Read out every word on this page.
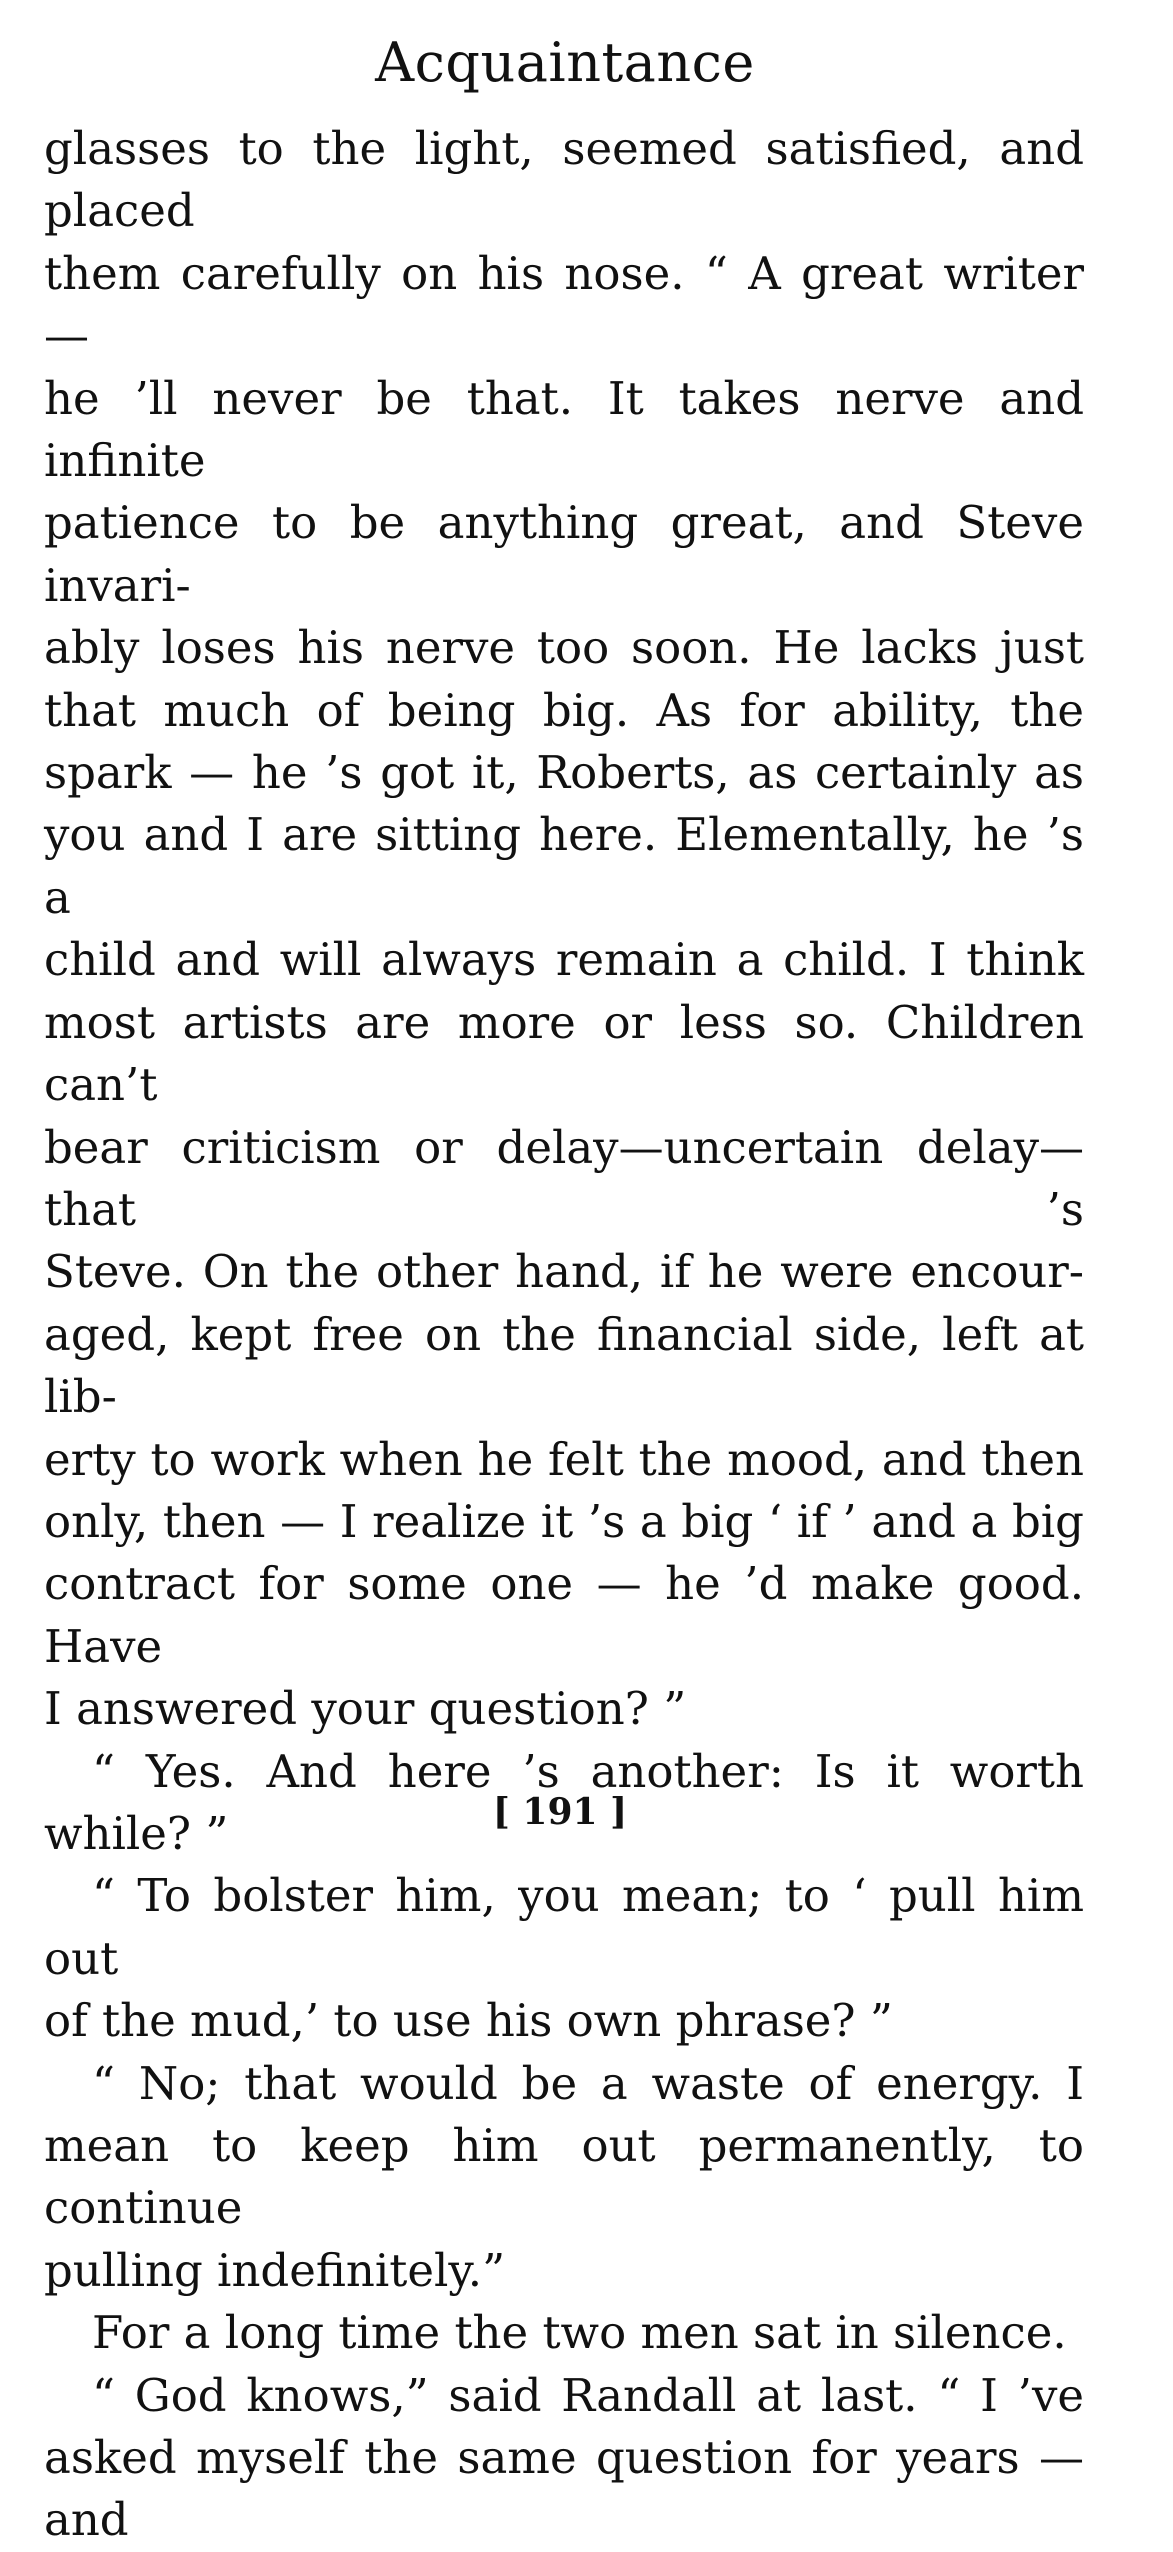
Acquaintance
glasses to the light, seemed satisfied, and placed
them carefully on his nose. “ A great writer —
he ’ll never be that. It takes nerve and infinite
patience to be anything great, and Steve invari-
ably loses his nerve too soon. He lacks just
that much of being big. As for ability, the
spark — he ’s got it, Roberts, as certainly as
you and I are sitting here. Elementally, he ’s a
child and will always remain a child. I think
most artists are more or less so. Children can’t
bear criticism or delay—uncertain delay—that ’s
Steve. On the other hand, if he were encour-
aged, kept free on the financial side, left at lib-
erty to work when he felt the mood, and then
only, then — I realize it ’s a big ‘ if ’ and a big
contract for some one — he ’d make good. Have
I answered your question? ”
“ Yes. And here ’s another: Is it worth
while? ”
“ To bolster him, you mean; to ‘ pull him out
of the mud,’ to use his own phrase? ”
“ No; that would be a waste of energy. I
mean to keep him out permanently, to continue
pulling indefinitely.”
For a long time the two men sat in silence.
“ God knows,” said Randall at last. “ I ’ve
asked myself the same question for years — and
[ 191 ]
